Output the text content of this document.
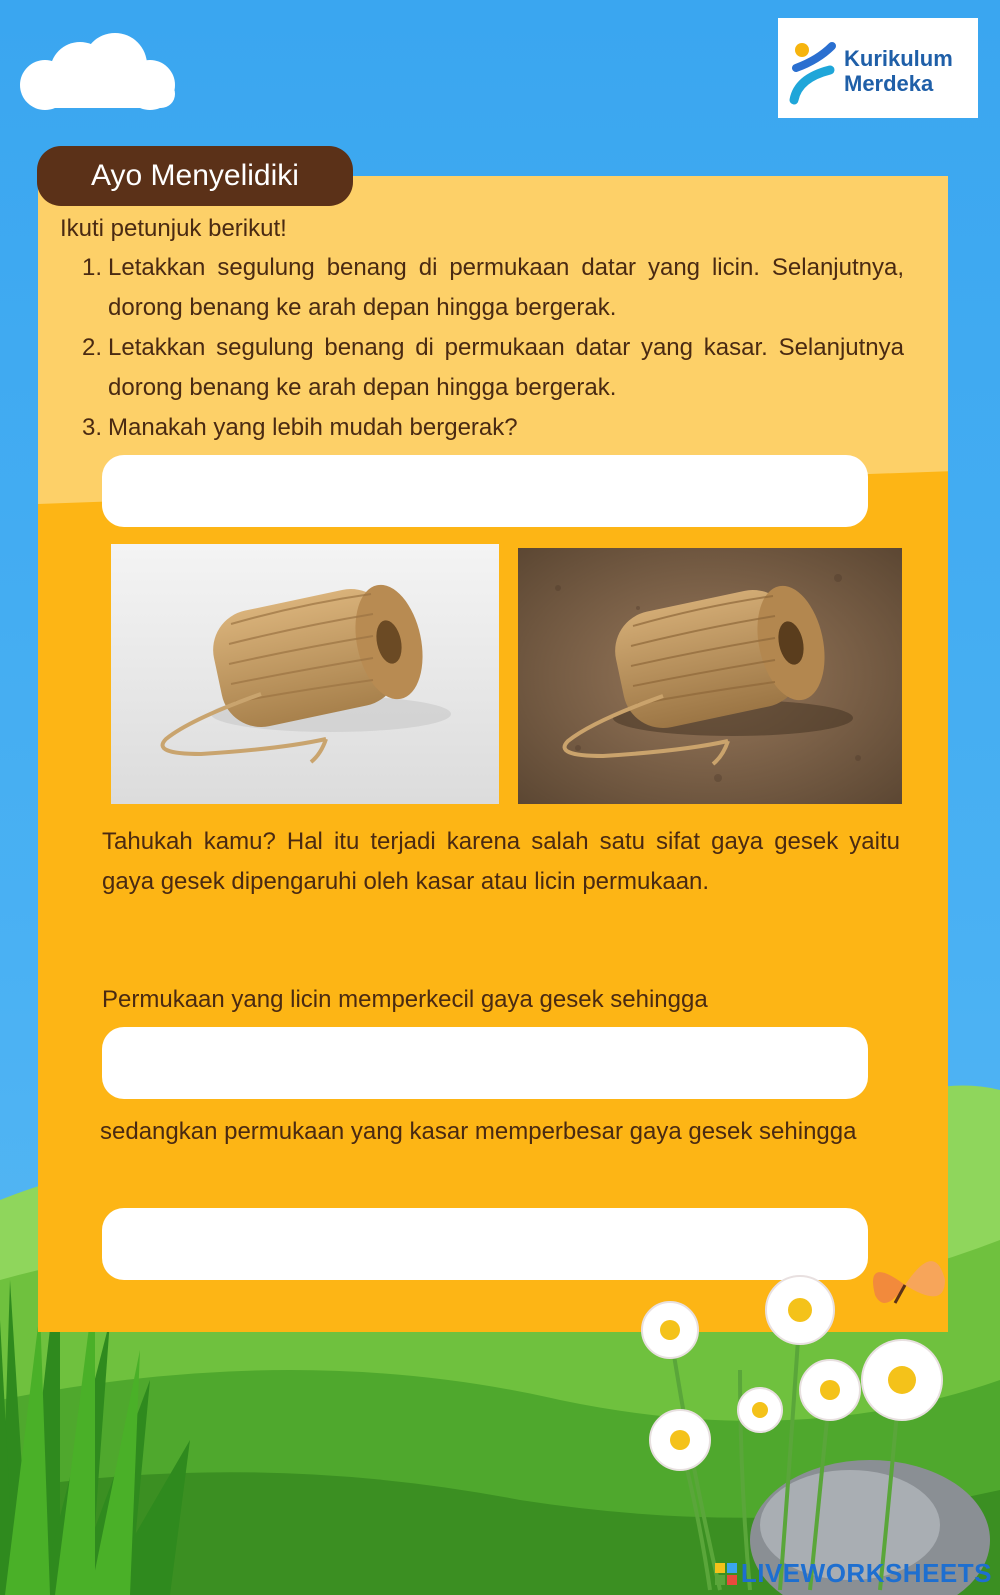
Kurikulum
Merdeka
Ayo Menyelidiki
Ikuti petunjuk berikut!
1. Letakkan segulung benang di permukaan datar yang licin. Selanjutnya, dorong benang ke arah depan hingga bergerak.
2. Letakkan segulung benang di permukaan datar yang kasar. Selanjutnya dorong benang ke arah depan hingga bergerak.
3. Manakah yang lebih mudah bergerak?
Tahukah kamu? Hal itu terjadi karena salah satu sifat gaya gesek yaitu gaya gesek dipengaruhi oleh kasar atau licin permukaan.
Permukaan yang licin memperkecil gaya gesek sehingga
sedangkan permukaan yang kasar memperbesar gaya gesek sehingga
LIVEWORKSHEETS
